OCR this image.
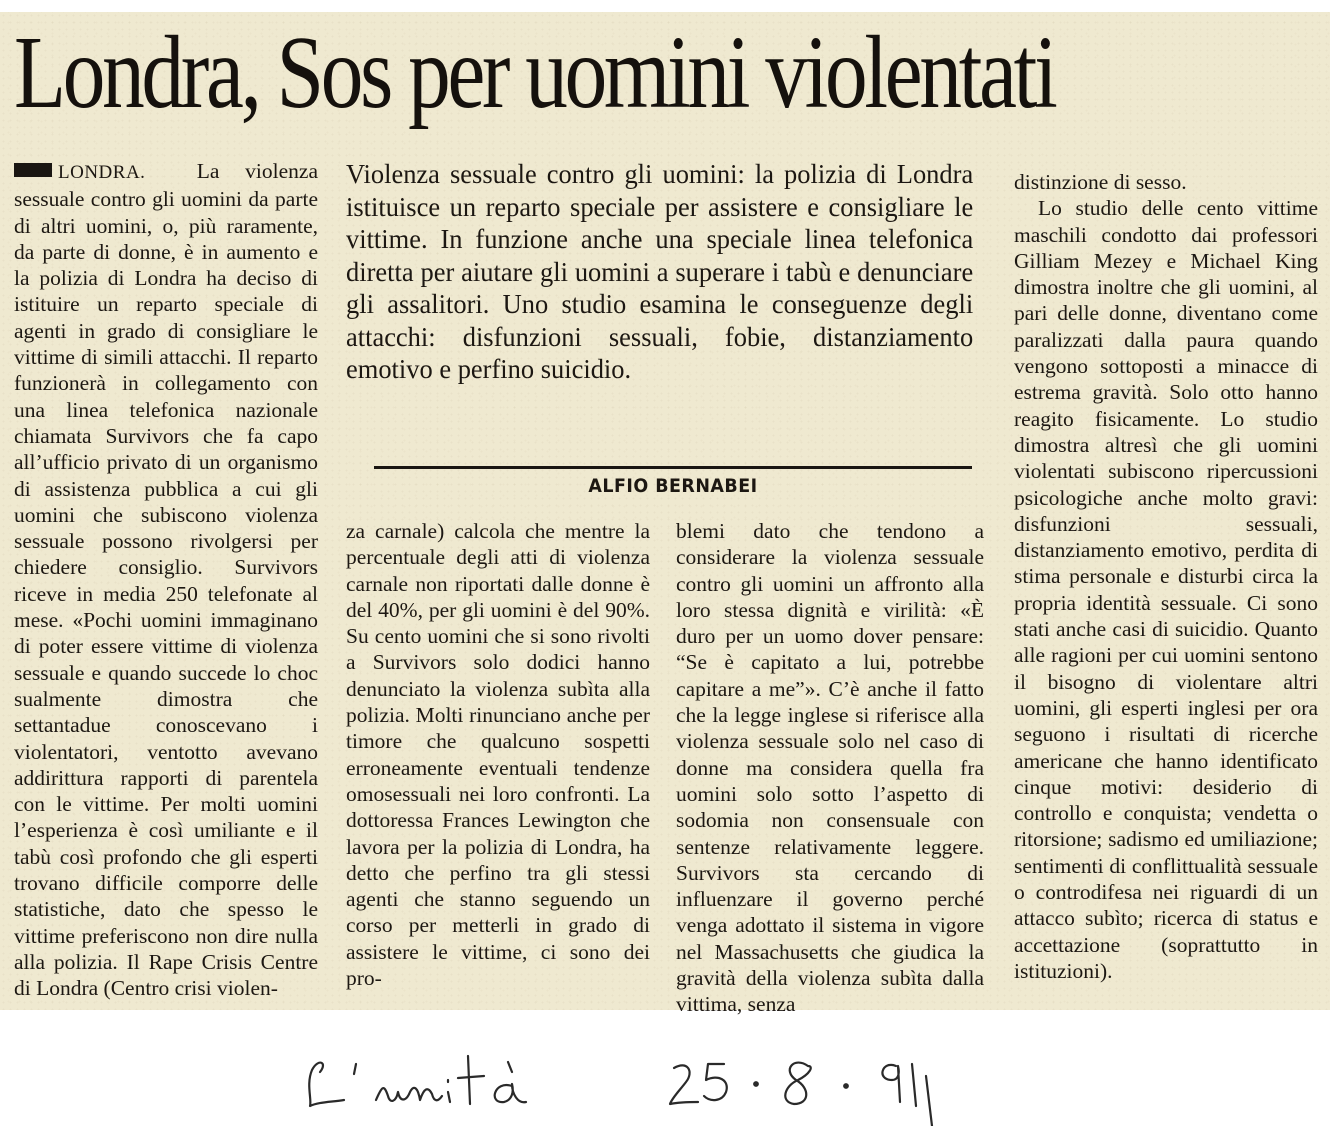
Londra, Sos per uomini violentati

LONDRA. La violenza sessuale contro gli uomini da parte di altri uomini, o, più raramente, da parte di donne, è in aumento e la polizia di Londra ha deciso di istituire un reparto speciale di agenti in grado di consigliare le vittime di simili attacchi. Il reparto funzionerà in collegamento con una linea telefonica nazionale chiamata Survivors che fa capo all’ufficio privato di un organismo di assistenza pubblica a cui gli uomini che subiscono violenza sessuale possono rivolgersi per chiedere consiglio. Survivors riceve in media 250 telefonate al mese. «Pochi uomini immaginano di poter essere vittime di violenza sessuale e quando succede lo choc sualmente dimostra che settantadue conoscevano i violentatori, ventotto avevano addirittura rapporti di parentela con le vittime. Per molti uomini l’esperienza è così umiliante e il tabù così profondo che gli esperti trovano difficile comporre delle statistiche, dato che spesso le vittime preferiscono non dire nulla alla polizia. Il Rape Crisis Centre di Londra (Centro crisi violen-

Violenza sessuale contro gli uomini: la polizia di Londra istituisce un reparto speciale per assistere e consigliare le vittime. In funzione anche una speciale linea telefonica diretta per aiutare gli uomini a superare i tabù e denunciare gli assalitori. Uno studio esamina le conseguenze degli attacchi: disfunzioni sessuali, fobie, distanziamento emotivo e perfino suicidio.
ALFIO BERNABEI

za carnale) calcola che mentre la percentuale degli atti di violenza carnale non riportati dalle donne è del 40%, per gli uomini è del 90%. Su cento uomini che si sono rivolti a Survivors solo dodici hanno denunciato la violenza subìta alla polizia. Molti rinunciano anche per timore che qualcuno sospetti erroneamente eventuali tendenze omosessuali nei loro confronti. La dottoressa Frances Lewington che lavora per la polizia di Londra, ha detto che perfino tra gli stessi agenti che stanno seguendo un corso per metterli in grado di assistere le vittime, ci sono dei pro-

blemi dato che tendono a considerare la violenza sessuale contro gli uomini un affronto alla loro stessa dignità e virilità: «È duro per un uomo dover pensare: “Se è capitato a lui, potrebbe capitare a me”». C’è anche il fatto che la legge inglese si riferisce alla violenza sessuale solo nel caso di donne ma considera quella fra uomini solo sotto l’aspetto di sodomia non consensuale con sentenze relativamente leggere. Survivors sta cercando di influenzare il governo perché venga adottato il sistema in vigore nel Massachusetts che giudica la gravità della violenza subìta dalla vittima, senza

distinzione di sesso.

Lo studio delle cento vittime maschili condotto dai professori Gilliam Mezey e Michael King dimostra inoltre che gli uomini, al pari delle donne, diventano come paralizzati dalla paura quando vengono sottoposti a minacce di estrema gravità. Solo otto hanno reagito fisicamente. Lo studio dimostra altresì che gli uomini violentati subiscono ripercussioni psicologiche anche molto gravi: disfunzioni sessuali, distanziamento emotivo, perdita di stima personale e disturbi circa la propria identità sessuale. Ci sono stati anche casi di suicidio. Quanto alle ragioni per cui uomini sentono il bisogno di violentare altri uomini, gli esperti inglesi per ora seguono i risultati di ricerche americane che hanno identificato cinque motivi: desiderio di controllo e conquista; vendetta o ritorsione; sadismo ed umiliazione; sentimenti di conflittualità sessuale o controdifesa nei riguardi di un attacco subìto; ricerca di status e accettazione (soprattutto in istituzioni).
